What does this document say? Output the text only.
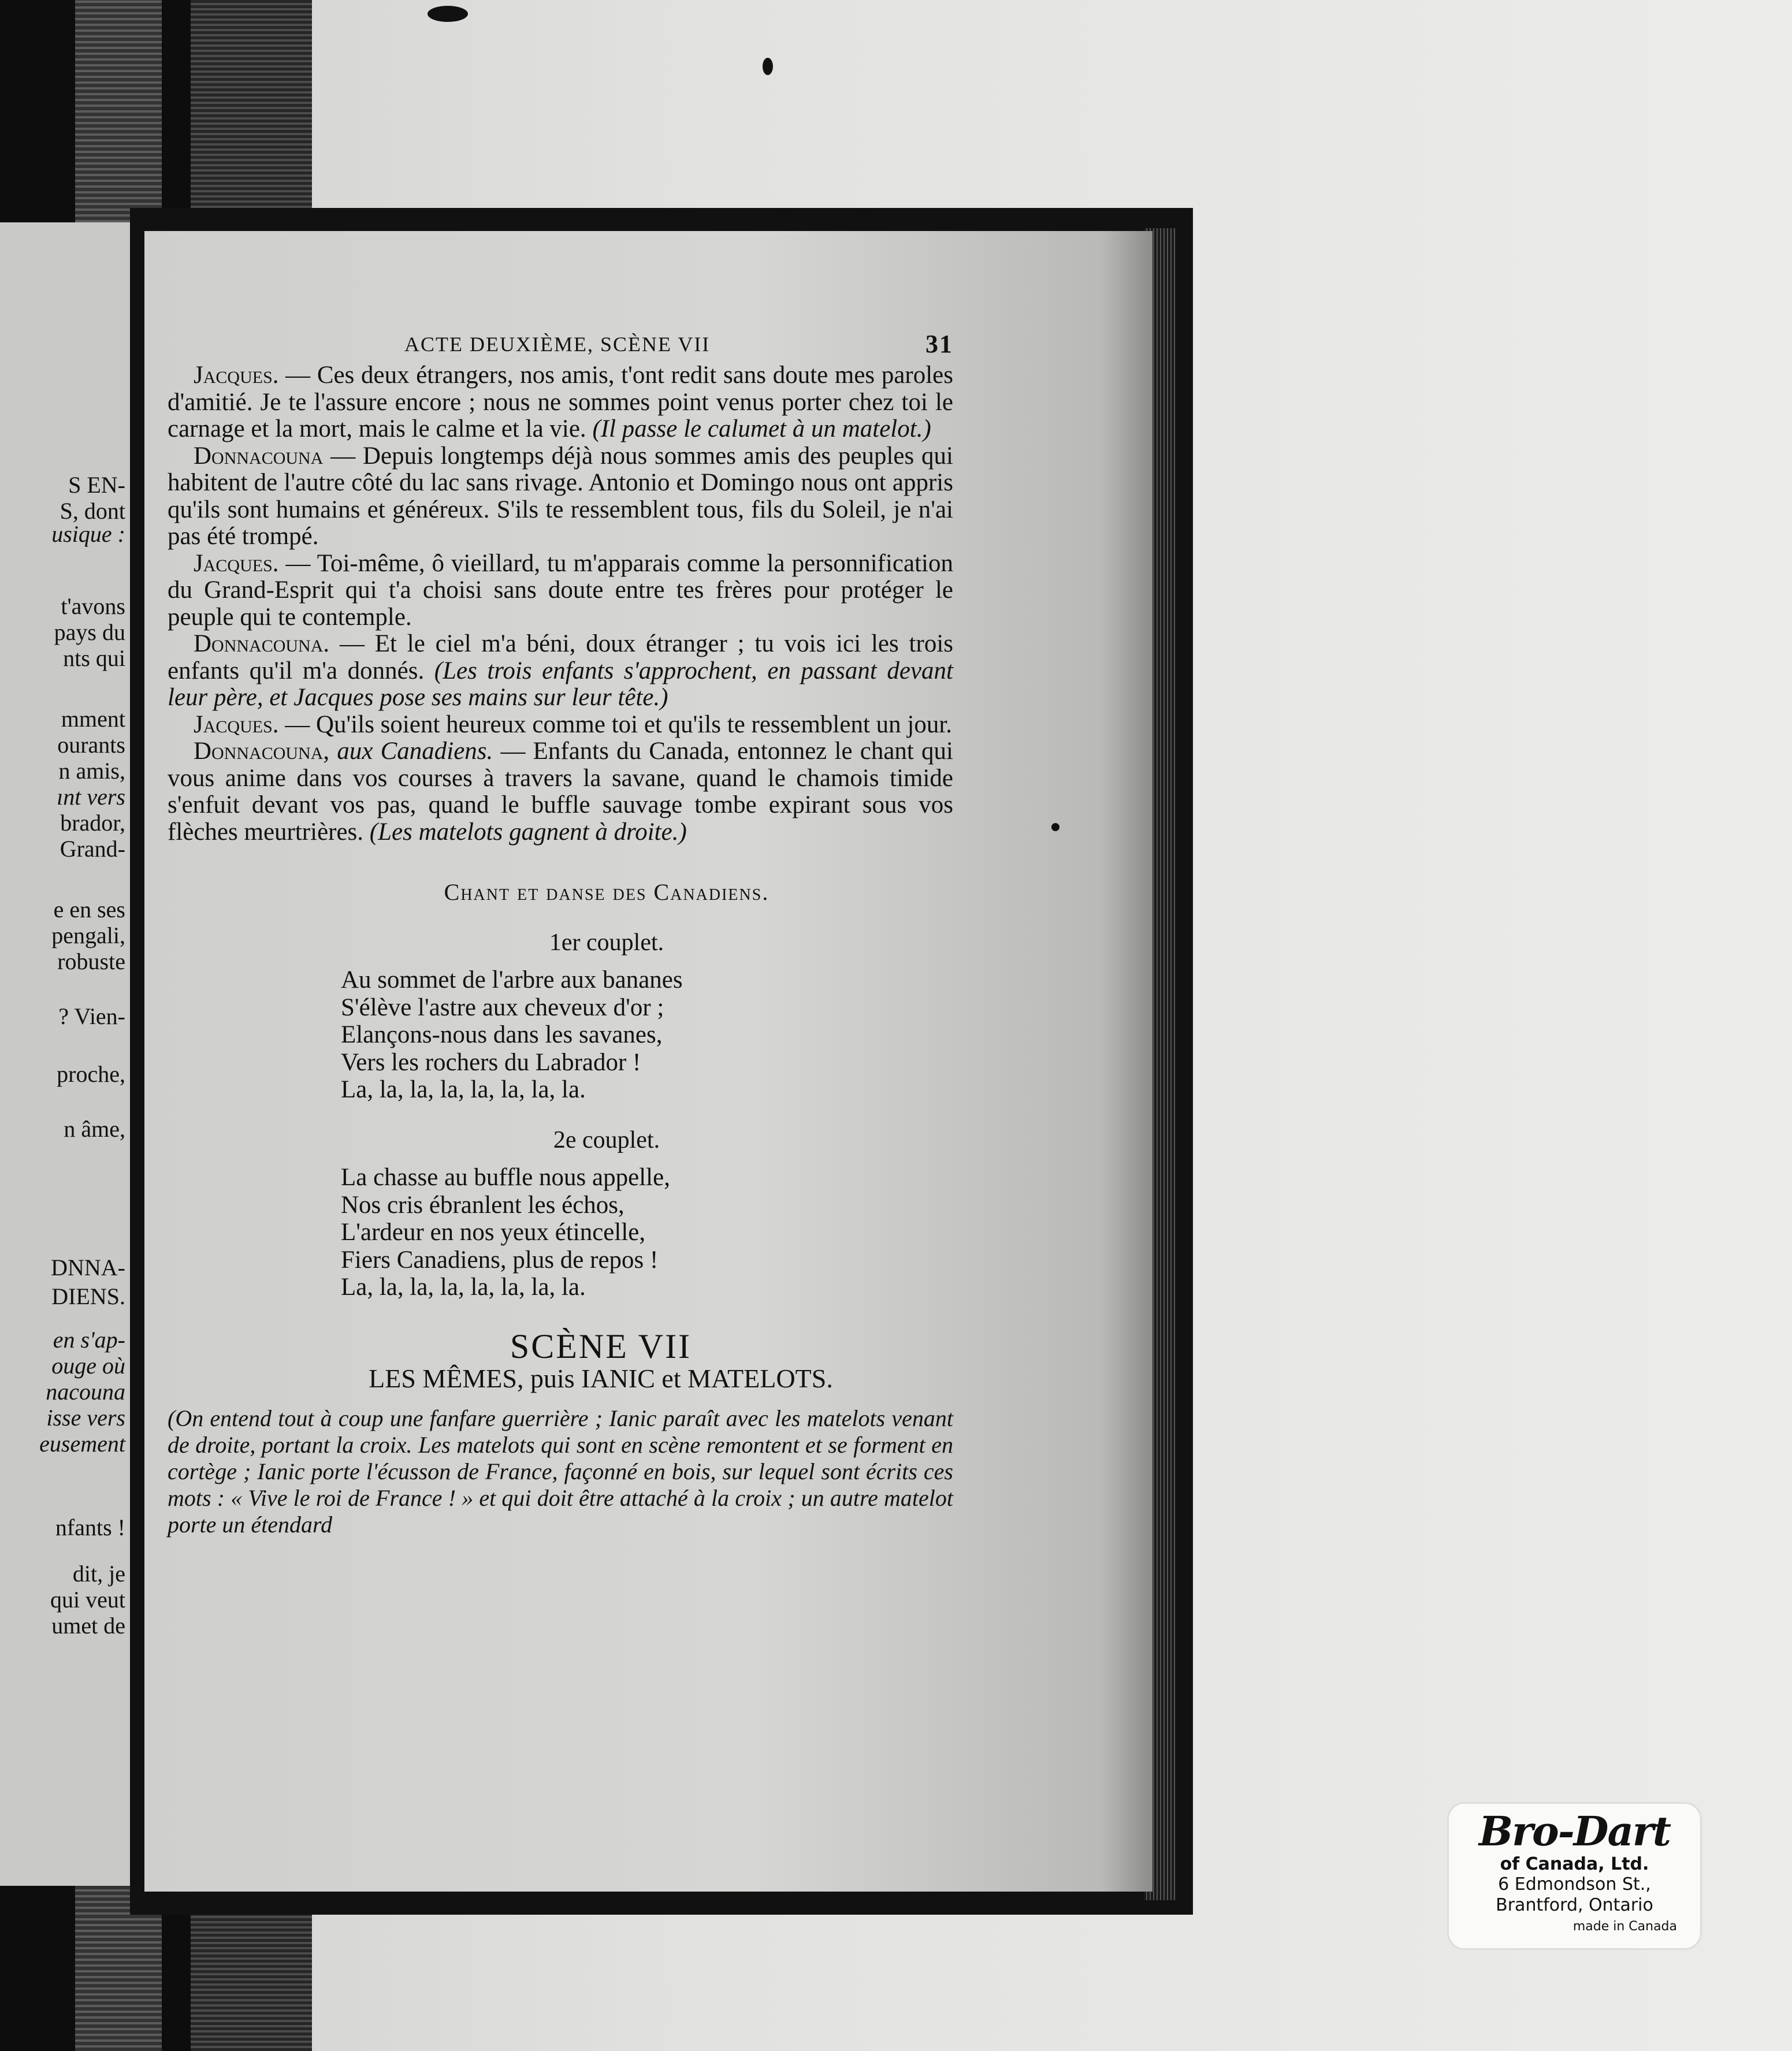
S EN-
S, dont
usique :
t'avons
pays du
nts qui
mment
ourants
n amis,
ınt vers
brador,
Grand-
e en ses
pengali,
robuste
? Vien-
proche,
n âme,
DNNA-
DIENS.
en s'ap-
ouge où
nacouna
isse vers
eusement
nfants !
dit, je
qui veut
umet de
ACTE DEUXIÈME, SCÈNE VII	31

Jacques. — Ces deux étrangers, nos amis, t'ont redit sans doute mes paroles d'amitié. Je te l'assure encore ; nous ne sommes point venus porter chez toi le carnage et la mort, mais le calme et la vie. (Il passe le calumet à un matelot.)

Donnacouna — Depuis longtemps déjà nous sommes amis des peuples qui habitent de l'autre côté du lac sans rivage. Antonio et Domingo nous ont appris qu'ils sont humains et généreux. S'ils te ressemblent tous, fils du Soleil, je n'ai pas été trompé.

Jacques. — Toi-même, ô vieillard, tu m'apparais comme la personnification du Grand-Esprit qui t'a choisi sans doute entre tes frères pour protéger le peuple qui te contemple.

Donnacouna. — Et le ciel m'a béni, doux étranger ; tu vois ici les trois enfants qu'il m'a donnés. (Les trois enfants s'approchent, en passant devant leur père, et Jacques pose ses mains sur leur tête.)

Jacques. — Qu'ils soient heureux comme toi et qu'ils te ressemblent un jour.

Donnacouna, aux Canadiens. — Enfants du Canada, entonnez le chant qui vous anime dans vos courses à travers la savane, quand le chamois timide s'enfuit devant vos pas, quand le buffle sauvage tombe expirant sous vos flèches meurtrières. (Les matelots gagnent à droite.)

Chant et danse des Canadiens.
1er couplet.
Au sommet de l'arbre aux bananes
S'élève l'astre aux cheveux d'or ;
Elançons-nous dans les savanes,
Vers les rochers du Labrador !
La, la, la, la, la, la, la, la.
2e couplet.
La chasse au buffle nous appelle,
Nos cris ébranlent les échos,
L'ardeur en nos yeux étincelle,
Fiers Canadiens, plus de repos !
La, la, la, la, la, la, la, la.
SCÈNE VII
LES MÊMES, puis IANIC et MATELOTS.
(On entend tout à coup une fanfare guerrière ; Ianic paraît avec les matelots venant de droite, portant la croix. Les matelots qui sont en scène remontent et se forment en cortège ; Ianic porte l'écusson de France, façonné en bois, sur lequel sont écrits ces mots : « Vive le roi de France ! » et qui doit être attaché à la croix ; un autre matelot porte un étendard
Bro-Dart
of Canada, Ltd.
6 Edmondson St.,
Brantford, Ontario
made in Canada
